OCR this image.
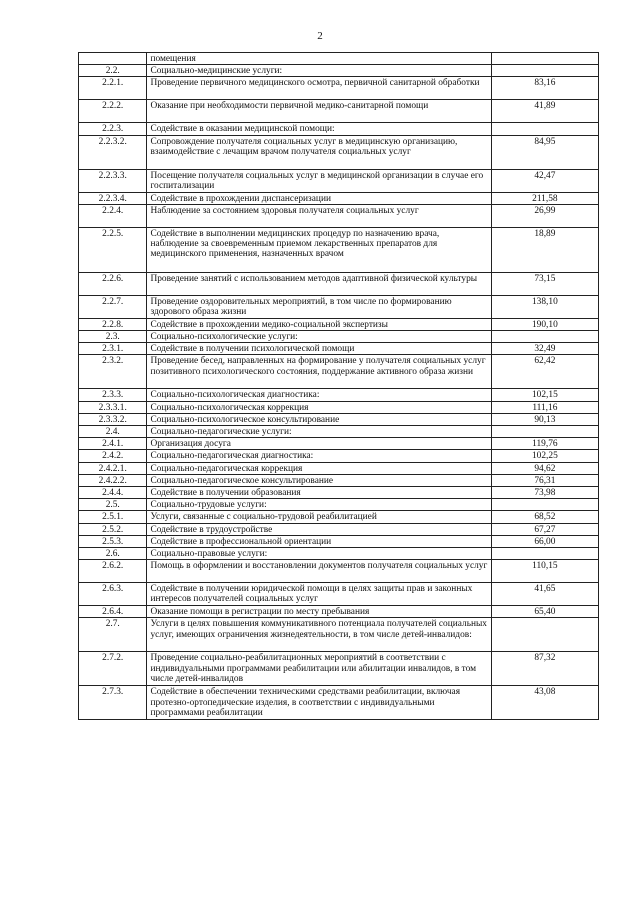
2
	помещения	
2.2.	Социально-медицинские услуги:	
2.2.1.	Проведение первичного медицинского осмотра, первичной санитарной обработки	83,16
2.2.2.	Оказание при необходимости первичной медико-санитарной помощи	41,89
2.2.3.	Содействие в оказании медицинской помощи:	
2.2.3.2.	Сопровождение получателя социальных услуг в медицинскую организацию, взаимодействие с лечащим врачом получателя социальных услуг	84,95
2.2.3.3.	Посещение получателя социальных услуг в медицинской организации в случае его госпитализации	42,47
2.2.3.4.	Содействие в прохождении диспансеризации	211,58
2.2.4.	Наблюдение за состоянием здоровья получателя социальных услуг	26,99
2.2.5.	Содействие в выполнении медицинских процедур по назначению врача, наблюдение за своевременным приемом лекарственных препаратов для медицинского применения, назначенных врачом	18,89
2.2.6.	Проведение занятий с использованием методов адаптивной физической культуры	73,15
2.2.7.	Проведение оздоровительных мероприятий, в том числе по формированию здорового образа жизни	138,10
2.2.8.	Содействие в прохождении медико-социальной экспертизы	190,10
2.3.	Социально-психологические услуги:	
2.3.1.	Содействие в получении психологической помощи	32,49
2.3.2.	Проведение бесед, направленных на формирование у получателя социальных услуг позитивного психологического состояния, поддержание активного образа жизни	62,42
2.3.3.	Социально-психологическая диагностика:	102,15
2.3.3.1.	Социально-психологическая коррекция	111,16
2.3.3.2.	Социально-психологическое консультирование	90,13
2.4.	Социально-педагогические услуги:	
2.4.1.	Организация досуга	119,76
2.4.2.	Социально-педагогическая диагностика:	102,25
2.4.2.1.	Социально-педагогическая коррекция	94,62
2.4.2.2.	Социально-педагогическое консультирование	76,31
2.4.4.	Содействие в получении образования	73,98
2.5.	Социально-трудовые услуги:	
2.5.1.	Услуги, связанные с социально-трудовой реабилитацией	68,52
2.5.2.	Содействие в трудоустройстве	67,27
2.5.3.	Содействие в профессиональной ориентации	66,00
2.6.	Социально-правовые услуги:	
2.6.2.	Помощь в оформлении и восстановлении документов получателя социальных услуг	110,15
2.6.3.	Содействие в получении юридической помощи в целях защиты прав и законных интересов получателей социальных услуг	41,65
2.6.4.	Оказание помощи в регистрации по месту пребывания	65,40
2.7.	Услуги в целях повышения коммуникативного потенциала получателей социальных услуг, имеющих ограничения жизнедеятельности, в том числе детей-инвалидов:	
2.7.2.	Проведение социально-реабилитационных мероприятий в соответствии с индивидуальными программами реабилитации или абилитации инвалидов, в том числе детей-инвалидов	87,32
2.7.3.	Содействие в обеспечении техническими средствами реабилитации, включая протезно-ортопедические изделия, в соответствии с индивидуальными программами реабилитации	43,08
